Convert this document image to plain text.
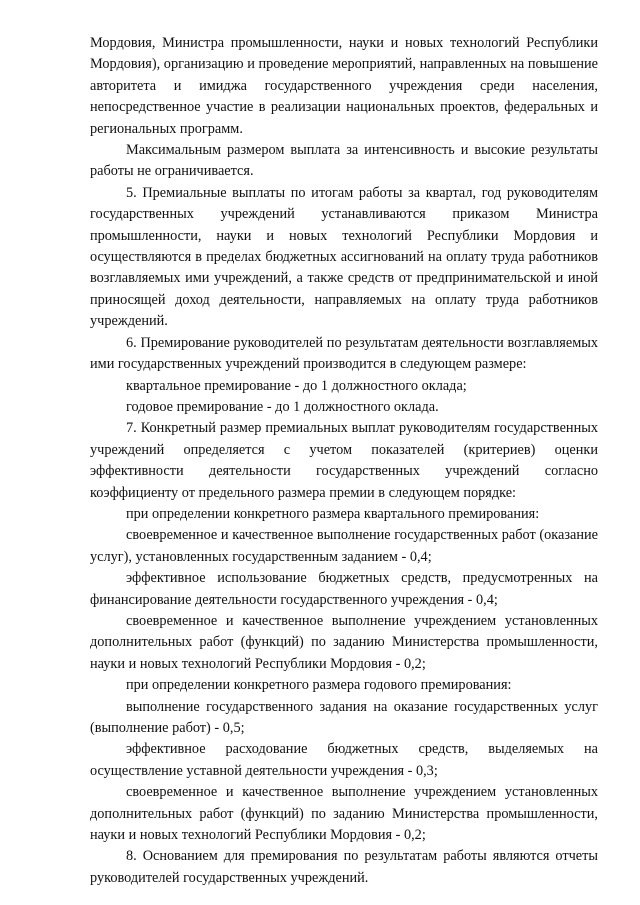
Мордовия, Министра промышленности, науки и новых технологий Республики Мордовия), организацию и проведение мероприятий, направленных на повышение авторитета и имиджа государственного учреждения среди населения, непосредственное участие в реализации национальных проектов, федеральных и региональных программ.

Максимальным размером выплата за интенсивность и высокие результаты работы не ограничивается.

5. Премиальные выплаты по итогам работы за квартал, год руководителям государственных учреждений устанавливаются приказом Министра промышленности, науки и новых технологий Республики Мордовия и осуществляются в пределах бюджетных ассигнований на оплату труда работников возглавляемых ими учреждений, а также средств от предпринимательской и иной приносящей доход деятельности, направляемых на оплату труда работников учреждений.

6. Премирование руководителей по результатам деятельности возглавляемых ими государственных учреждений производится в следующем размере:

квартальное премирование - до 1 должностного оклада;

годовое премирование - до 1 должностного оклада.

7. Конкретный размер премиальных выплат руководителям государственных учреждений определяется с учетом показателей (критериев) оценки эффективности деятельности государственных учреждений согласно коэффициенту от предельного размера премии в следующем порядке:

при определении конкретного размера квартального премирования:

своевременное и качественное выполнение государственных работ (оказание услуг), установленных государственным заданием - 0,4;

эффективное использование бюджетных средств, предусмотренных на финансирование деятельности государственного учреждения - 0,4;

своевременное и качественное выполнение учреждением установленных дополнительных работ (функций) по заданию Министерства промышленности, науки и новых технологий Республики Мордовия - 0,2;

при определении конкретного размера годового премирования:

выполнение государственного задания на оказание государственных услуг (выполнение работ) - 0,5;

эффективное расходование бюджетных средств, выделяемых на осуществление уставной деятельности учреждения - 0,3;

своевременное и качественное выполнение учреждением установленных дополнительных работ (функций) по заданию Министерства промышленности, науки и новых технологий Республики Мордовия - 0,2;

8. Основанием для премирования по результатам работы являются отчеты руководителей государственных учреждений.
